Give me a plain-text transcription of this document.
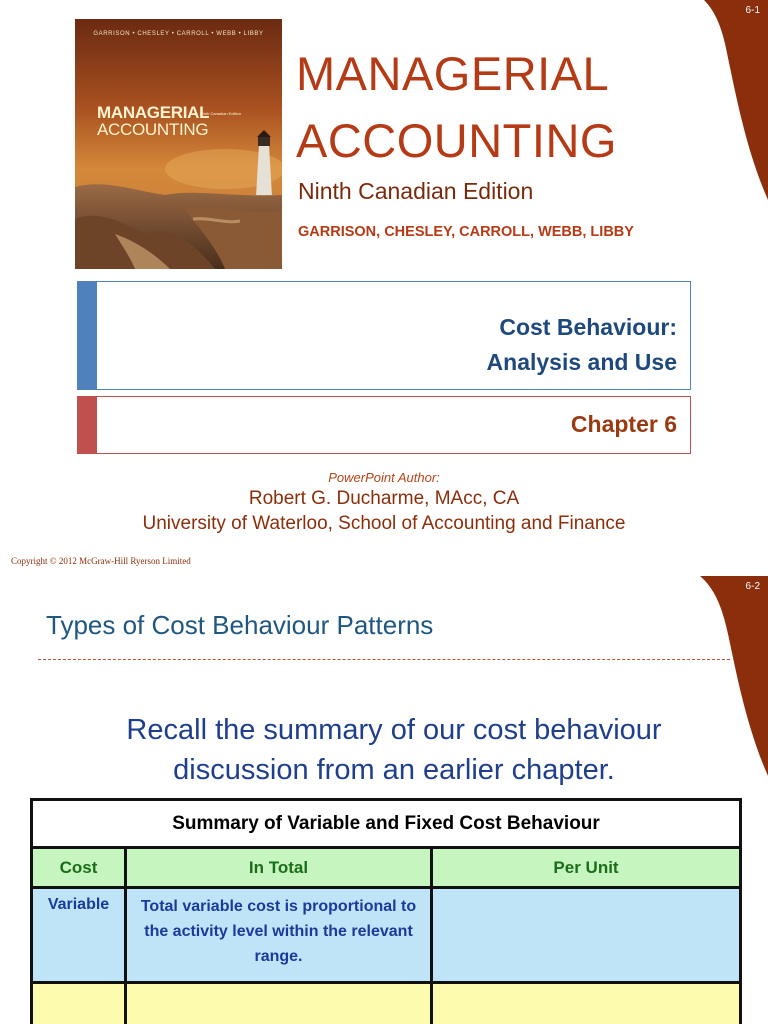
6-1
GARRISON • CHESLEY • CARROLL • WEBB • LIBBY
MANAGERIAL
ACCOUNTING
Ninth Canadian Edition
MANAGERIAL
ACCOUNTING
Ninth Canadian Edition
GARRISON, CHESLEY, CARROLL, WEBB, LIBBY
Cost Behaviour:
Analysis and Use
Chapter 6
PowerPoint Author:
Robert G. Ducharme, MAcc, CA
University of Waterloo, School of Accounting and Finance
Copyright © 2012 McGraw-Hill Ryerson Limited
6-2
Types of Cost Behaviour Patterns
Recall the summary of our cost behaviour
discussion from an earlier chapter.
Summary of Variable and Fixed Cost Behaviour		
Cost	In Total	Per Unit
Variable	Total variable cost is proportional to the activity level within the relevant range.	
